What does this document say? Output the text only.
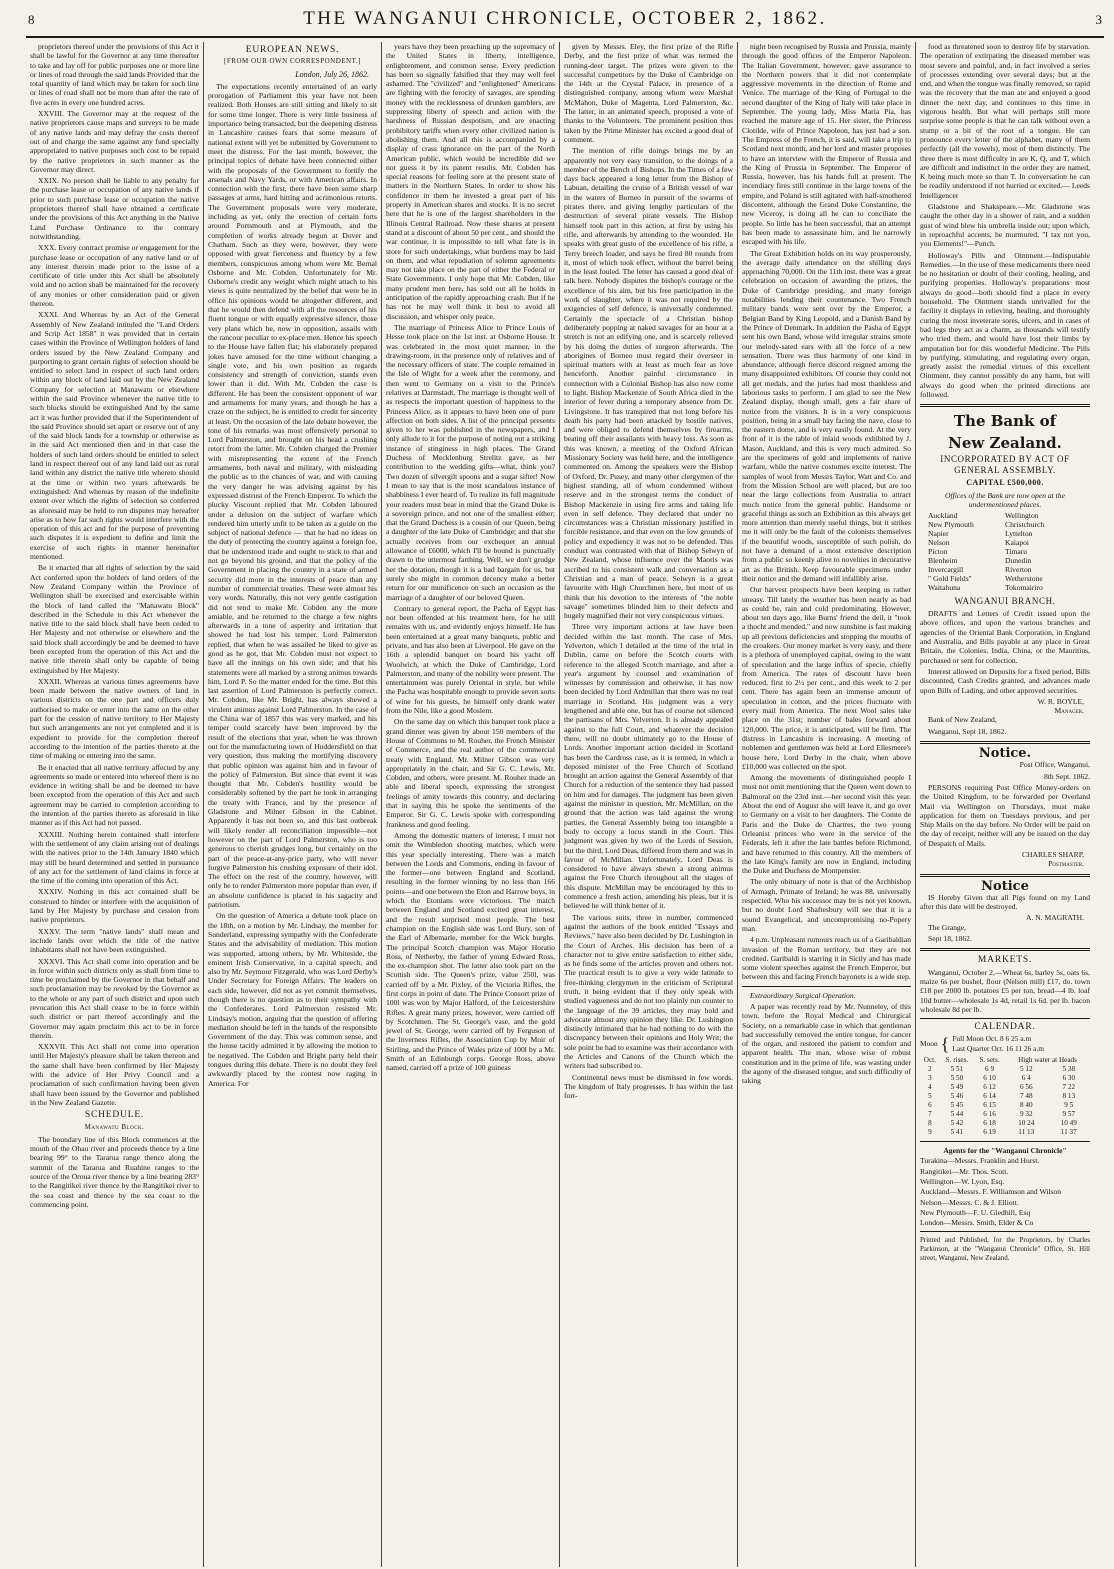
8	THE WANGANUI CHRONICLE, OCTOBER 2, 1862.	3

proprietors thereof under the provisions of this Act it shall be lawful for the Governor at any time thereafter to take and lay off for public purposes one or more line or lines of road through the said lands Provided that the total quantity of land which may be taken for such line or lines of road shall not be more than after the rate of five acres in every one hundred acres.

XXVIII. The Governor may at the request of the native proprietors cause maps and surveys to be made of any native lands and may defray the costs thereof out of and charge the same against any fund specially appropriated to native purposes such cost to be repaid by the native proprietors in such manner as the Governor may direct.

XXIX. No person shall be liable to any penalty for the purchase lease or occupation of any native lands if prior to such purchase lease or occupation the native proprietors thereof shall have obtained a certificate under the provisions of this Act anything in the Native Land Purchase Ordinance to the contrary notwithstanding.

XXX. Every contract promise or engagement for the purchase lease or occupation of any native land or of any interest therein made prior to the issue of a certificate of title under this Act shall be absolutely void and no action shall be maintained for the recovery of any monies or other consideration paid or given thereon.

XXXI. And Whereas by an Act of the General Assembly of New Zealand intituled the "Land Orders and Scrip Act 1858" it was provided that in certain cases within the Province of Wellington holders of land orders issued by the New Zealand Company and purporting to grant certain rights of selection should be entitled to select land in respect of such land orders within any block of land laid out by the New Zealand Company for selection at Manawatu or elsewhere within the said Province whenever the native title to such blocks should be extinguished And by the same act it was further provided that if the Superintendent of the said Province should set apart or reserve out of any of the said block lands for a township or otherwise as in the said Act mentioned then and in that case the holders of such land orders should be entitled to select land in respect thereof out of any land laid out as rural land within any district the native title whereto should at the time or within two years afterwards be extinguished. And whereas by reason of the indefinite extent over which the rights of selection so conferred as aforesaid may be held to run disputes may hereafter arise as to how far such rights would interfere with the operation of this act and for the purpose of preventing such disputes it is expedient to define and limit the exercise of such rights in manner hereinafter mentioned.

Be it enacted that all rights of selection by the said Act conferred upon the holders of land orders of the New Zealand Company within the Province of Wellington shall be exercised and exercisable within the block of land called the "Manawatu Block" described in the Schedule to this Act whenever the native title to the said block shall have been ceded to Her Majesty and not otherwise or elsewhere and the said block shall accordingly be and be deemed to have been excepted from the operation of this Act and the native title therein shall only be capable of being extinguished by Her Majesty.

XXXII. Whereas at various times agreements have been made between the native owners of land in various districts on the one part and officers duly authorised to make or enter into the same on the other part for the cession of native territory to Her Majesty but such arrangements are not yet completed and it is expedient to provide for the completion thereof according to the intention of the parties thereto at the time of making or entering into the same.

Be it enacted that all native territory affected by any agreements so made or entered into whereof there is no evidence in writing shall be and be deemed to have been excepted from the operation of this Act and such agreement may be carried to completion according to the intention of the parties thereto as aforesaid in like manner as if this Act had not passed.

XXXIII. Nothing herein contained shall interfere with the settlement of any claim arising out of dealings with the natives prior to the 14th January 1840 which may still be heard determined and settled in pursuance of any act for the settlement of land claims in force at the time of the coming into operation of this Act.

XXXIV. Nothing in this act contained shall be construed to hinder or interfere with the acquisition of land by Her Majesty by purchase and cession from native proprietors.

XXXV. The term "native lands" shall mean and include lands over which the title of the native inhabitants shall not have been extinguished.

XXXVI. This Act shall come into operation and be in force within such districts only as shall from time to time be proclaimed by the Governor in that behalf and such proclamation may be revoked by the Governor as to the whole or any part of such district and upon such revocation this Act shall cease to be in force within such district or part thereof accordingly and the Governor may again proclaim this act to be in force therein.

XXXVII. This Act shall not come into operation until Her Majesty's pleasure shall be taken thereon and the same shall have been confirmed by Her Majesty with the advice of Her Privy Council and a proclamation of such confirmation having been given shall have been issued by the Governor and published in the New Zealand Gazette.

SCHEDULE.
Manawatu Block.

The boundary line of this Block commences at the mouth of the Ohau river and proceeds thence by a line bearing 99° to the Tararua range thence along the summit of the Tararua and Ruahine ranges to the source of the Oroua river thence by a line bearing 283° to the Rangitikei river thence by the Rangitikei river to the sea coast and thence by the sea coast to the commencing point.

EUROPEAN NEWS.
[FROM OUR OWN CORRESPONDENT.]
London, July 26, 1862.

The expectations recently entertained of an early prorogation of Parliament this year have not been realized. Both Houses are still sitting and likely to sit for some time longer. There is very little business of importance being transacted, but the deepening distress in Lancashire causes fears that some measure of national extent will yet be submitted by Government to meet the distress. For the last month, however, the principal topics of debate have been connected either with the proposals of the Government to fortify the arsenals and Navy Yards, or with American affairs. In connection with the first, there have been some sharp passages at arms, hard hitting and acrimonious retorts. The Government proposals were very moderate, including as yet, only the erection of certain forts around Portsmouth and at Plymouth, and the completion of works already begun at Dover and Chatham. Such as they were, however, they were opposed with great fierceness and fluency by a few members, conspicuous among whom were Mr. Bernal Osborne and Mr. Cobden. Unfortunately for Mr. Osborne's credit any weight which might attach to his views is quite neutralized by the belief that were he in office his opinions would be altogether different, and that he would then defend with all the resources of his fluent tongue or with equally expressive silence, those very plans which he, now in opposition, assails with the rancour peculiar to ex-place men. Hence his speech to the House have fallen flat; his elaborately prepared jokes have amused for the time without changing a single vote, and his own position as regards consistency and strength of conviction, stands even lower than it did. With Mr. Cobden the case is different. He has been the consistent opponent of war and armaments for many years, and though he has a craze on the subject, he is entitled to credit for sincerity at least. On the occasion of the late debate however, the tone of his remarks was most offensively personal to Lord Palmerston, and brought on his head a crushing retort from the latter. Mr. Cobden charged the Premier with misrepresenting the extent of the French armaments, both naval and military, with misleading the public as to the chances of war, and with causing the very danger he was advising against by his expressed distrust of the French Emperor. To which the plucky Viscount replied that Mr. Cobden laboured under a delusion on the subject of warfare which rendered him utterly unfit to be taken as a guide on the subject of national defence — that he had no ideas on the duty of protecting the country against a foreign foe, that he understood trade and ought to stick to that and not go beyond his ground, and that the policy of the Government in placing the country in a state of armed security did more in the interests of peace than any number of commercial treaties. These were almost his very words. Naturally, this not very gentle castigation did not tend to make Mr. Cobden any the more amiable, and he returned to the charge a few nights afterwards in a tone of asperity and irritation that showed he had lost his temper. Lord Palmerston replied, that when he was assailed he liked to give as good as he got, that Mr. Cobden must not expect to have all the innings on his own side; and that his statements were all marked by a strong animus towards him, Lord P. So the matter ended for the time. But this last assertion of Lord Palmerston is perfectly correct. Mr. Cobden, like Mr. Bright, has always shewed a virulent animus against Lord Palmerston. In the case of the China war of 1857 this was very marked, and his temper could scarcely have been improved by the result of the elections that year, when he was thrown out for the manufacturing town of Huddersfield on that very question, thus making the mortifying discovery that public opinion was against him and in favour of the policy of Palmerston. But since that event it was thought that Mr. Cobden's hostility would be considerably softened by the part he took in arranging the treaty with France, and by the presence of Gladstone and Milner Gibson in the Cabinet. Apparently it has not been so, and this last outbreak will likely render all reconciliation impossible—not however on the part of Lord Palmerston, who is too generous to cherish grudges long, but certainly on the part of the peace-at-any-price party, who will never forgive Palmerston his crushing exposure of their idol. The effect on the rest of the country, however, will only be to render Palmerston more popular than ever, if an absolute confidence is placed in his sagacity and patriotism.

On the question of America a debate took place on the 18th, on a motion by Mr. Lindsay, the member for Sunderland, expressing sympathy with the Confederate States and the advisability of mediation. This motion was supported, among others, by Mr. Whiteside, the eminent Irish Conservative, in a capital speech, and also by Mr. Seymour Fitzgerald, who was Lord Derby's Under Secretary for Foreign Affairs. The leaders on each side, however, did not as yet commit themselves, though there is no question as to their sympathy with the Confederates. Lord Palmerston resisted Mr. Lindsay's motion, arguing that the question of offering mediation should be left in the hands of the responsible Government of the day. This was common sense, and the house tacitly admitted it by allowing the motion to be negatived. The Cobden and Bright party held their tongues during this debate. There is no doubt they feel awkwardly placed by the contest now raging in America. For

years have they been preaching up the supremacy of the United States in liberty, intelligence, enlightenment, and common sense. Every prediction has been so signally falsified that they may well feel ashamed. The "civilized" and "enlightened" Americans are fighting with the ferocity of savages, are spending money with the recklessness of drunken gamblers, are suppressing liberty of speech and action with the harshness of Russian despotism, and are enacting prohibitory tariffs when every other civilized nation is abolishing them. And all this is accompanied by a display of crass ignorance on the part of the North American public, which would be incredible did we not guess it by its patent results. Mr. Cobden has special reasons for feeling sore at the present state of matters in the Northern States. In order to show his confidence in them he invested a great part of his property in American shares and stocks. It is no secret here that he is one of the largest shareholders in the Illinois Central Railroad. Now these shares at present stand at a discount of about 50 per cent., and should the war continue, it is impossible to tell what fate is in store for such undertakings, what burdens may be laid on them, and what repudiation of solemn agreements may not take place on the part of either the Federal or State Governments. I only hope that Mr. Cobden, like many prudent men here, has sold out all he holds in anticipation of the rapidly approaching crash. But if he has not he may well think it best to avoid all discussion, and whisper only peace.

The marriage of Princess Alice to Prince Louis of Hesse took place on the 1st inst. at Osborne House. It was celebrated in the most quiet manner, in the drawing-room, in the presence only of relatives and of the necessary officers of state. The couple remained in the Isle of Wight for a week after the ceremony, and then went to Germany on a visit to the Prince's relatives at Darmstadt. The marriage is thought well of as respects the important question of happiness to the Princess Alice, as it appears to have been one of pure affection on both sides. A list of the principal presents given to her was published in the newspapers, and I only allude to it for the purpose of noting out a striking instance of stinginess in high places. The Grand Duchess of Mecklenburg Strelitz gave, as her contribution to the wedding gifts—what, think you? Two dozen of silvergilt spoons and a sugar sifter! Now I mean to say that is the most scandalous instance of shabbiness I ever heard of. To realize its full magnitude your readers must bear in mind that the Grand Duke is a sovereign prince, and not one of the smallest either; that the Grand Duchess is a cousin of our Queen, being a daughter of the late Duke of Cambridge; and that she actually receives from our exchequer an annual allowance of £6000, which I'll be bound is punctually drawn to the uttermost farthing. Well, we don't grudge her the dotation, though it is a bad bargain for us, but surely she might in common decency make a better return for our munificence on such an occasion as the marriage of a daughter of our beloved Queen.

Contrary to general report, the Pacha of Egypt has not been offended at his treatment here, for he still remains with us, and evidently enjoys himself. He has been entertained at a great many banquets, public and private, and has also been at Liverpool. He gave on the 16th a splendid banquet on board his yacht off Woolwich, at which the Duke of Cambridge, Lord Palmerston, and many of the nobility were present. The entertainment was purely Oriental in style, but while the Pacha was hospitable enough to provide seven sorts of wine for his guests, he himself only drank water from the Nile, like a good Moslem.

On the same day on which this banquet took place a grand dinner was given by about 150 members of the House of Commons to M. Rouher, the French Minister of Commerce, and the real author of the commercial treaty with England. Mr. Milner Gibson was very appropriately in the chair, and Sir G. C. Lewis, Mr. Cobden, and others, were present. M. Rouher made an able and liberal speech, expressing the strongest feelings of amity towards this country, and declaring that in saying this he spoke the sentiments of the Emperor. Sir G. C. Lewis spoke with corresponding frankness and good feeling.

Among the domestic matters of interest, I must not omit the Wimbledon shooting matches, which were this year specially interesting. There was a match between the Lords and Commons, ending in favour of the former—one between England and Scotland, resulting in the former winning by no less than 166 points—and one between the Eton and Harrow boys, in which the Etonians were victorious. The match between England and Scotland excited great interest, and the result surprised most people. The best champion on the English side was Lord Bury, son of the Earl of Albemarle, member for the Wick burghs. The principal Scotch champion was Major Horatio Ross, of Netherby, the father of young Edward Ross, the ex-champion shot. The latter also took part on the Scottish side. The Queen's prize, value 250l, was carried off by a Mr. Pixley, of the Victoria Rifles, the first corps in point of date. The Prince Consort prize of 100l was won by Major Halford, of the Leicestershire Rifles. A great many prizes, however, were carried off by Scotchmen. The St. George's vase, and the gold jewel of St. George, were carried off by Ferguson of the Inverness Rifles, the Association Cup by Moir of Stirling, and the Prince of Wales prize of 100l by a Mr. Smith of an Edinburgh corps. George Ross, above named, carried off a prize of 100 guineas

given by Messrs. Eley, the first prize of the Rifle Derby, and the first prize of what was termed the running-deer target. The prizes were given to the successful competitors by the Duke of Cambridge on the 14th at the Crystal Palace, in presence of a distinguished company, among whom were Marshal McMahon, Duke of Magenta, Lord Palmerston, &c. The latter, in an animated speech, proposed a vote of thanks to the Volunteers. The prominent position thus taken by the Prime Minister has excited a good deal of comment.

The mention of rifle doings brings me by an apparently not very easy transition, to the doings of a member of the Bench of Bishops. In the Times of a few days back appeared a long letter from the Bishop of Labuan, detailing the cruise of a British vessel of war in the waters of Borneo in pursuit of the swarms of pirates there, and giving lengthy particulars of the destruction of several pirate vessels. The Bishop himself took part in this action, at first by using his rifle, and afterwards by attending to the wounded. He speaks with great gusto of the excellence of his rifle, a Terry breech loader, and says he fired 80 rounds from it, most of which took effect, without the barrel being in the least fouled. The letter has caused a good deal of talk here. Nobody disputes the bishop's courage or the excellence of his aim, but his free participation in the work of slaughter, where it was not required by the exigencies of self defence, is universally condemned. Certainly the spectacle of a Christian bishop deliberately popping at naked savages for an hour at a stretch is not an edifying one, and is scarcely relieved by his doing the duties of surgeon afterwards. The aborigines of Borneo must regard their overseer in spiritual matters with at least as much fear as love henceforth. Another painful circumstance in connection with a Colonial Bishop has also now come to light. Bishop Mackenzie of South Africa died in the interior of fever during a temporary absence from Dr. Livingstone. It has transpired that not long before his death his party had been attacked by hostile natives, and were obliged to defend themselves by firearms, beating off their assailants with heavy loss. As soon as this was known, a meeting of the Oxford African Missionary Society was held here, and the intelligence commented on. Among the speakers were the Bishop of Oxford, Dr. Pusey, and many other clergymen of the highest standing, all of whom condemned without reserve and in the strongest terms the conduct of Bishop Mackenzie in using fire arms and taking life even in self defence. They declared that under no circumstances was a Christian missionary justified in forcible resistance, and that even on the low grounds of policy and expediency it was not to be defended. This conduct was contrasted with that of Bishop Selwyn of New Zealand, whose influence over the Maoris was ascribed to his consistent walk and conversation as a Christian and a man of peace. Selwyn is a great favourite with High Churchmen here, but most of us think that his devotion to the interests of "the noble savage" sometimes blinded him to their defects and hugely magnified their not very conspicuous virtues.

Three very important actions at law have been decided within the last month. The case of Mrs. Yelverton, which I detailed at the time of the trial in Dublin, came on before the Scotch courts with reference to the alleged Scotch marriage, and after a year's argument by counsel and examination of witnesses by commission and otherwise, it has now been decided by Lord Ardmillan that there was no real marriage in Scotland. His judgment was a very lengthened and able one, but has of course not silenced the partisans of Mrs. Yelverton. It is already appealed against to the full Court, and whatever the decision there, will no doubt ultimately go to the House of Lords. Another important action decided in Scotland has been the Cardross case, as it is termed, in which a deposed minister of the Free Church of Scotland brought an action against the General Assembly of that Church for a reduction of the sentence they had passed on him and for damages. The judgment has been given against the minister in question, Mr. McMillan, on the ground that the action was laid against the wrong parties, the General Assembly being too intangible a body to occupy a locus standi in the Court. This judgment was given by two of the Lords of Session, but the third, Lord Deas, differed from them and was in favour of McMillan. Unfortunately, Lord Deas is considered to have always shewn a strong animus against the Free Church throughout all the stages of this dispute. McMillan may be encouraged by this to commence a fresh action, amending his pleas, but it is believed he will think better of it.

The various suits, three in number, commenced against the authors of the book entitled "Essays and Reviews," have also been decided by Dr. Lushington in the Court of Arches. His decision has been of a character not to give entire satisfaction to either side, as he finds some of the articles proven and others not. The practical result is to give a very wide latitude to free-thinking clergymen in the criticism of Scriptural truth, it being evident that if they only speak with studied vagueness and do not too plainly run counter to the language of the 39 articles, they may hold and advocate almost any opinion they like. Dr. Lushington distinctly intimated that he had nothing to do with the discrepancy between their opinions and Holy Writ; the sole point he had to examine was their accordance with the Articles and Canons of the Church which the writers had subscribed to.

Continental news must be dismissed in few words. The kingdom of Italy progresses. It has within the last fort-

night been recognised by Russia and Prussia, mainly through the good offices of the Emperor Napoleon. The Italian Government, however, gave assurance to the Northern powers that it did not contemplate aggressive movements in the direction of Rome and Venice. The marriage of the King of Portugal to the second daughter of the King of Italy will take place in September. The young lady, Miss Maria Pia, has reached the mature age of 15. Her sister, the Princess Clotilde, wife of Prince Napoleon, has just had a son. The Empress of the French, it is said, will take a trip to Scotland next month, and her lord and master proposes to have an interview with the Emperor of Russia and the King of Prussia in September. The Emperor of Russia, however, has his hands full at present. The incendiary fires still continue in the large towns of the empire, and Poland is still agitated with half-smothered discontent, although the Grand Duke Constantine, the new Viceroy, is doing all he can to conciliate the people. So little has he been successful, that an attempt has been made to assassinate him, and he narrowly escaped with his life.

The Great Exhibition holds on its way prosperously, the average daily attendance on the shilling days approaching 70,000. On the 11th inst. there was a great celebration on occasion of awarding the prizes, the Duke of Cambridge presiding, and many foreign notabilities lending their countenance. Two French military bands were sent over by the Emperor, a Belgian Band by King Leopold, and a Danish Band by the Prince of Denmark. In addition the Pasha of Egypt sent his own Band, whose wild irregular strains smote our melody-sated ears with all the force of a new sensation. There was thus harmony of one kind in abundance, although fierce discord reigned among the many disappointed exhibitors. Of course they could not all get medals, and the juries had most thankless and laborious tasks to perform. I am glad to see the New Zealand display, though small, gets a fair share of notice from the visitors. It is in a very conspicuous position, being in a small bay facing the nave, close to the eastern dome, and is very easily found. At the very front of it is the table of inlaid woods exhibited by J. Mason, Auckland, and this is very much admired. So are the specimens of gold and implements of native warfare, while the native costumes excite interest. The samples of wool from Messrs Taylor, Watt and Co. and from the Mission School are well placed, but are too near the large collections from Australia to attract much notice from the general public. Handsome or graceful things as such an Exhibition as this always get more attention than merely useful things, but it strikes me it will only be the fault of the colonists themselves if the beautiful woods, susceptible of such polish, do not have a demand of a most extensive description from a public so keenly alive to novelties in decorative art as the British. Keep favourable specimens under their notice and the demand will infallibly arise.

Our harvest prospects have been keeping us rather uneasy. Till lately the weather has been nearly as bad as could be, rain and cold predominating. However, about ten days ago, like Burns' friend the deil, it "took a thocht and mended," and now sunshine is fast making up all previous deficiencies and stopping the mouths of the croakers. Our money market is very easy, and there is a plethora of unemployed capital, owing to the want of speculation and the large influx of specie, chiefly from America. The rates of discount have been reduced, first to 2½ per cent., and this week to 2 per cent. There has again been an immense amount of speculation in cotton, and the prices fluctuate with every mail from America. The next Wool sales take place on the 31st; number of bales forward about 120,000. The price, it is anticipated, will be firm. The distress in Lancashire is increasing. A meeting of noblemen and gentlemen was held at Lord Ellesmere's house here, Lord Derby in the chair, when above £10,000 was collected on the spot.

Among the movements of distinguished people I must not omit mentioning that the Queen went down to Balmoral on the 23rd inst.—her second visit this year. About the end of August she will leave it, and go over to Germany on a visit to her daughters. The Comte de Paris and the Duke de Chartres, the two young Orleanist princes who were in the service of the Federals, left it after the late battles before Richmond, and have returned to this country. All the members of the late King's family are now in England, including the Duke and Duchess de Montpensier.

The only obituary of note is that of the Archbishop of Armagh, Primate of Ireland; he was 88, universally respected. Who his successor may be is not yet known, but no doubt Lord Shaftesbury will see that it is a sound Evangelical, and uncompromising no-Popery man.

4 p.m. Unpleasant rumours reach us of a Garibaldian invasion of the Roman territory, but they are not credited. Garibaldi is starring it in Sicily and has made some violent speeches against the French Emperor, but between this and facing French bayonets is a wide step.

Extraordinary Surgical Operation.

A paper was recently read by Mr. Nunneley, of this town, before the Royal Medical and Chirurgical Society, on a remarkable case in which that gentleman had successfully removed the entire tongue, for cancer of the organ, and restored the patient to comfort and apparent health. The man, whose wise of robust constitution and in the prime of life, was wasting under the agony of the diseased tongue, and such difficulty of taking

food as threatened soon to destroy life by starvation. The operation of extirpating the diseased member was most severe and painful, and, in fact involved a series of processes extending over several days; but at the end, and when the tongue was finally removed, so rapid was the recovery that the man ate and enjoyed a good dinner the next day, and continues to this time in vigorous health. But what will perhaps still more surprise some people is that he can talk without even a stump or a bit of the root of a tongue. He can pronounce every letter of the alphabet, many of them perfectly (all the vowels), most of them distinctly. The three there is most difficulty in are K, Q, and T, which are difficult and indistinct in the order they are named, K being much more so than T. In conversation he can be readily understood if not hurried or excited.— Leeds Intelligencer

Gladstone and Shakspeare.—Mr. Gladstone was caught the other day in a shower of rain, and a sudden gust of wind blew his umbrella inside out; upon which, in reproachful accents, he murmured, "I tax not you, you Elements!"—Punch.

Holloway's Pills and Ointment.—Indisputable Remedies.—In the use of these medicaments there need be no hesitation or doubt of their cooling, healing, and purifying properties. Holloway's preparations most always do good—both should find a place in every household. The Ointment stands unrivalled for the facility it displays in relieving, healing, and thoroughly curing the most inveterate sores, ulcers, and in cases of bad legs they act as a charm, as thousands will testify who tried them, and would have lost their limbs by amputation but for this wonderful Medicine. The Pills by purifying, stimulating, and regulating every organ, greatly assist the remedial virtues of this excellent Ointment, they cannot possibly do any harm, but will always do good when the printed directions are followed.

The Bank of
New Zealand.
INCORPORATED BY ACT OF GENERAL ASSEMBLY.
CAPITAL £500,000.
Offices of the Bank are now open at the undermentioned places.
Auckland	Wellington
New Plymouth	Christchurch
Napier	Lyttelton
Nelson	Kaiapoi
Picton	Timaru
Blenheim	Dunedin
Invercargill	Riverton
" Gold Fields"	Wetherstone
Waitahuna	Tokomairiro
WANGANUI BRANCH.

DRAFTS and Letters of Credit issued upon the above offices, and upon the various branches and agencies of the Oriental Bank Corporation, in England and Australia, and Bills payable at any place in Great Britain, the Colonies, India, China, or the Mauritius, purchased or sent for collection.

Interest allowed on Deposits for a fixed period, Bills discounted, Cash Credits granted, and advances made upon Bills of Lading, and other approved securities.

W. R. BOYLE,
Manager.

Bank of New Zealand,

Wanganui, Sept 18, 1862.

Notice.

Post Office, Wanganui,

8th Sept. 1862.

PERSONS requiring Post Office Money-orders on the United Kingdom, to be forwarded per Overland Mail via Wellington on Thursdays, must make application for them on Tuesdays previous, and per Ship Mails on the day before. No Order will be paid on the day of receipt, neither will any be issued on the day of Despatch of Mails.

CHARLES SHARP,
Postmaster.
Notice

IS Hereby Given that all Pigs found on my Land after this date will be destroyed.

A. N. MAGRATH.

The Grange,

Sept 18, 1862.

MARKETS.

Wanganui, October 2,—Wheat 6s, barley 5s, oats 6s, maize 6s per bushel, flour (Nelson mill) £17, do. town £18 per 2000 lb. potatoes £5 per ton, bread—4 lb. loaf 10d butter—wholesale 1s 4d, retail 1s 6d. per lb. bacon wholesale 8d per lb.

CALENDAR.
Moon { Full Moon Oct. 8 6 25 a.m
Last Quarter Oct. 16 11 26 a.m
Oct.	S. rises.	S. sets.	High water at Heads	
2	5 51	6 9	5 12	5 38
3	5 50	6 10	6 4	6 30
4	5 49	6 12	6 56	7 22
5	5 46	6 14	7 48	8 13
6	5 45	6 15	8 40	9 5
7	5 44	6 16	9 32	9 57
8	5 42	6 18	10 24	10 49
9	5 41	6 19	11 13	11 37

Agents for the "Wanganui Chronicle"

Turakina—Messrs. Franklin and Hurst.

Rangitikei—Mr. Thos. Scott.

Wellington—W. Lyon, Esq.

Auckland—Messrs. F. Williamson and Wilson

Nelson—Messrs. C. & J. Elliott.

New Plymouth—F. U. Gledhill, Esq

London—Messrs. Smith, Elder & Co

Printed and Published, for the Proprietors, by Charles Parkinson, at the "Wanganui Chronicle" Office, St. Hill street, Wanganui, New Zealand.
